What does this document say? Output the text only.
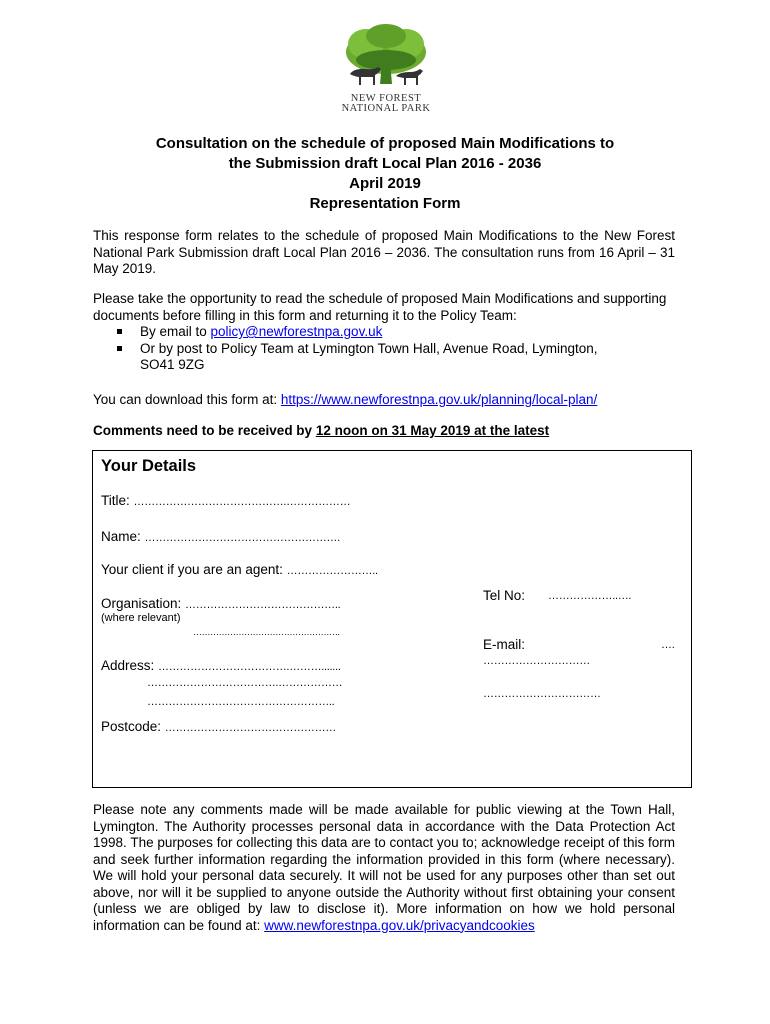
NEW FOREST
NATIONAL PARK
Consultation on the schedule of proposed Main Modifications to
the Submission draft Local Plan 2016 - 2036
April 2019
Representation Form
This response form relates to the schedule of proposed Main Modifications to the New Forest National Park Submission draft Local Plan 2016 – 2036. The consultation runs from 16 April – 31 May 2019.
Please take the opportunity to read the schedule of proposed Main Modifications and supporting documents before filling in this form and returning it to the Policy Team:
By email to policy@newforestnpa.gov.uk
Or by post to Policy Team at Lymington Town Hall, Avenue Road, Lymington,
SO41 9ZG
You can download this form at: https://www.newforestnpa.gov.uk/planning/local-plan/
Comments need to be received by 12 noon on 31 May 2019 at the latest
Your Details
Title: …………………………………….………………
Name: ……………………………………………….
Your client if you are an agent: ……………………..
Organisation: ……………………………………..
(where relevant)
…………………………………………….
Tel No: ………………..….
E-mail:	….
…………………………
……………………………
Address: ……………………………….……….......
……………………………….………………
……………………………………………..
Postcode: …………………………………………
Please note any comments made will be made available for public viewing at the Town Hall, Lymington. The Authority processes personal data in accordance with the Data Protection Act 1998. The purposes for collecting this data are to contact you to; acknowledge receipt of this form and seek further information regarding the information provided in this form (where necessary). We will hold your personal data securely. It will not be used for any purposes other than set out above, nor will it be supplied to anyone outside the Authority without first obtaining your consent (unless we are obliged by law to disclose it). More information on how we hold personal information can be found at: www.newforestnpa.gov.uk/privacyandcookies
